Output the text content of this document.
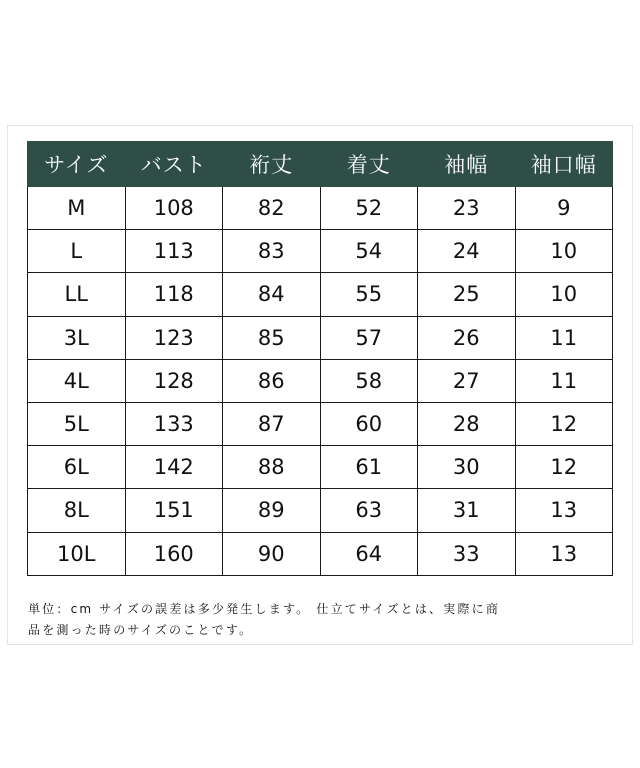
サイズ	バスト	裄丈	着丈	袖幅	袖口幅
M	108	82	52	23	9
L	113	83	54	24	10
LL	118	84	55	25	10
3L	123	85	57	26	11
4L	128	86	58	27	11
5L	133	87	60	28	12
6L	142	88	61	30	12
8L	151	89	63	31	13
10L	160	90	64	33	13
単位：cm サイズの誤差は多少発生します。 仕立てサイズとは、実際に商
品を測った時のサイズのことです。
